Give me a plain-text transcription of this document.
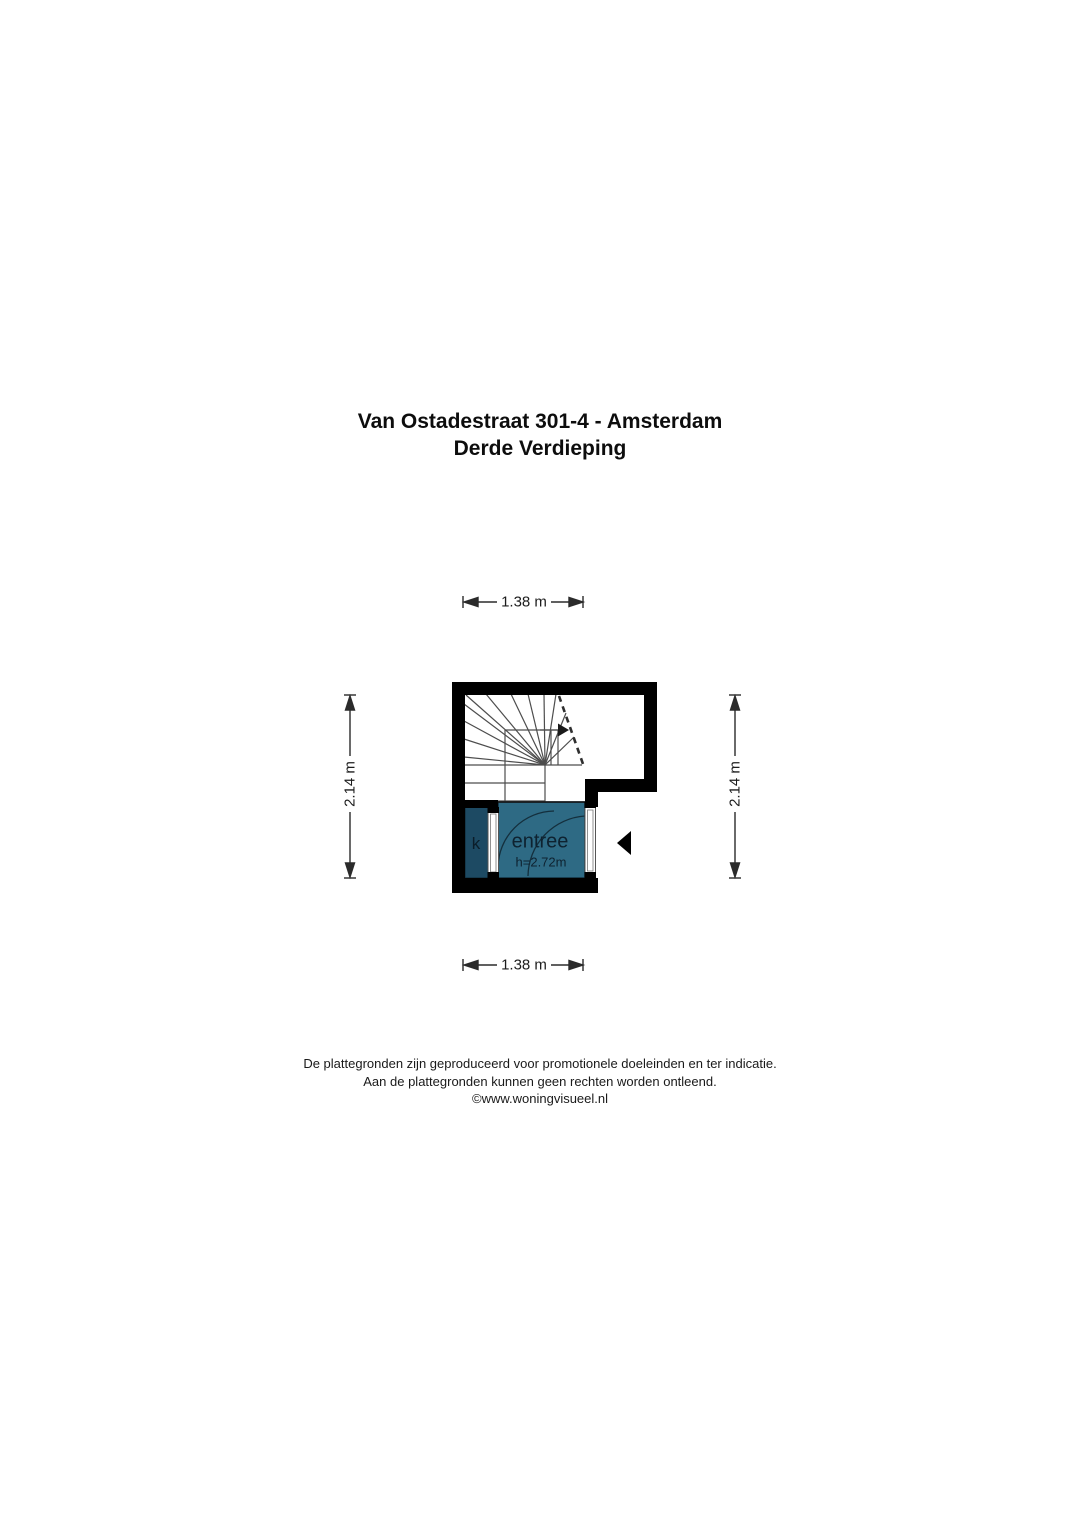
Van Ostadestraat 301-4 - Amsterdam
Derde Verdieping
1.38 m
1.38 m
2.14 m	2.14 m
entree
h=2.72m
k
De plattegronden zijn geproduceerd voor promotionele doeleinden en ter indicatie.
Aan de plattegronden kunnen geen rechten worden ontleend.
©www.woningvisueel.nl
